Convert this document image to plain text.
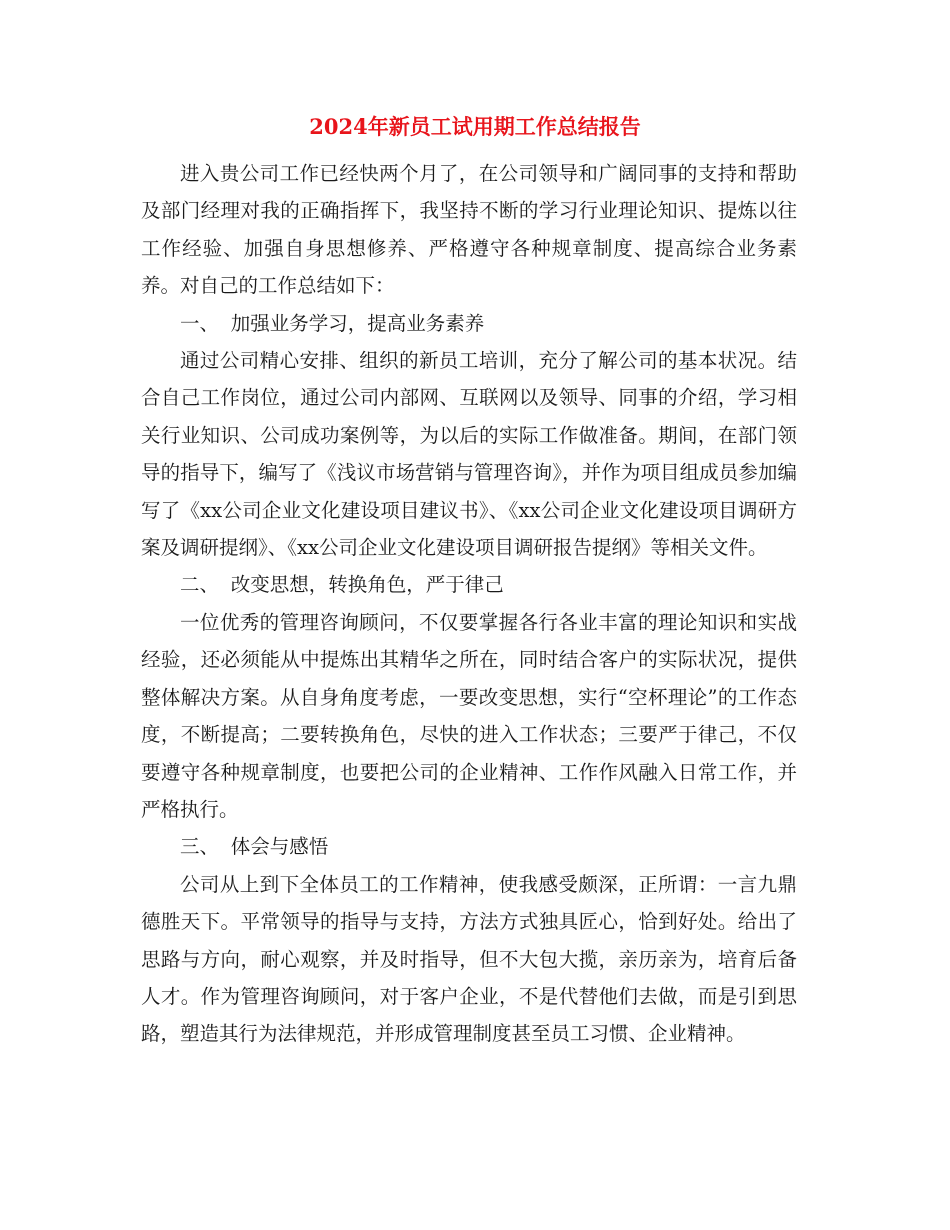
2024年新员工试用期工作总结报告

进入贵公司工作已经快两个月了，在公司领导和广阔同事的支持和帮助及部门经理对我的正确指挥下，我坚持不断的学习行业理论知识、提炼以往工作经验、加强自身思想修养、严格遵守各种规章制度、提高综合业务素养。对自己的工作总结如下：

一、 加强业务学习，提高业务素养

通过公司精心安排、组织的新员工培训，充分了解公司的基本状况。结合自己工作岗位，通过公司内部网、互联网以及领导、同事的介绍，学习相关行业知识、公司成功案例等，为以后的实际工作做准备。期间，在部门领导的指导下，编写了《浅议市场营销与管理咨询》，并作为项目组成员参加编写了《xx公司企业文化建设项目建议书》、《xx公司企业文化建设项目调研方案及调研提纲》、《xx公司企业文化建设项目调研报告提纲》等相关文件。

二、 改变思想，转换角色，严于律己

一位优秀的管理咨询顾问，不仅要掌握各行各业丰富的理论知识和实战经验，还必须能从中提炼出其精华之所在，同时结合客户的实际状况，提供整体解决方案。从自身角度考虑，一要改变思想，实行“空杯理论”的工作态度，不断提高；二要转换角色，尽快的进入工作状态；三要严于律己，不仅要遵守各种规章制度，也要把公司的企业精神、工作作风融入日常工作，并严格执行。

三、 体会与感悟

公司从上到下全体员工的工作精神，使我感受颇深，正所谓：一言九鼎德胜天下。平常领导的指导与支持，方法方式独具匠心，恰到好处。给出了思路与方向，耐心观察，并及时指导，但不大包大揽，亲历亲为，培育后备人才。作为管理咨询顾问，对于客户企业，不是代替他们去做，而是引到思路，塑造其行为法律规范，并形成管理制度甚至员工习惯、企业精神。
